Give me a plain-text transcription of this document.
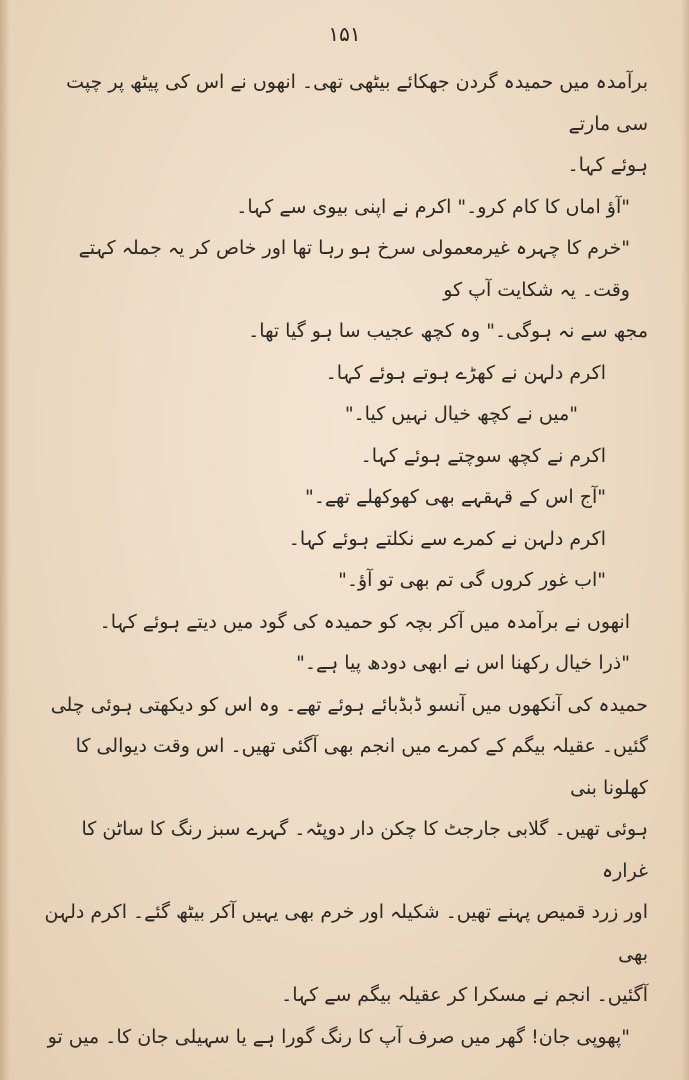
۱۵۱

برآمدہ میں حمیدہ گردن جھکائے بیٹھی تھی۔ انھوں نے اس کی پیٹھ پر چپت سی مارتے

ہوئے کہا۔

"آؤ اماں کا کام کرو۔" اکرم نے اپنی بیوی سے کہا۔

"خرم کا چہرہ غیرمعمولی سرخ ہو رہا تھا اور خاص کر یہ جملہ کہتے وقت۔ یہ شکایت آپ کو

مجھ سے نہ ہوگی۔" وہ کچھ عجیب سا ہو گیا تھا۔

اکرم دلہن نے کھڑے ہوتے ہوئے کہا۔

"میں نے کچھ خیال نہیں کیا۔"

اکرم نے کچھ سوچتے ہوئے کہا۔

"آج اس کے قہقہے بھی کھوکھلے تھے۔"

اکرم دلہن نے کمرے سے نکلتے ہوئے کہا۔

"اب غور کروں گی تم بھی تو آؤ۔"

انھوں نے برآمدہ میں آکر بچہ کو حمیدہ کی گود میں دیتے ہوئے کہا۔

"ذرا خیال رکھنا اس نے ابھی دودھ پیا ہے۔"

حمیدہ کی آنکھوں میں آنسو ڈبڈبائے ہوئے تھے۔ وہ اس کو دیکھتی ہوئی چلی

گئیں۔ عقیلہ بیگم کے کمرے میں انجم بھی آگئی تھیں۔ اس وقت دیوالی کا کھلونا بنی

ہوئی تھیں۔ گلابی جارجٹ کا چکن دار دوپٹہ۔ گہرے سبز رنگ کا ساٹن کا غرارہ

اور زرد قمیص پہنے تھیں۔ شکیلہ اور خرم بھی یہیں آکر بیٹھ گئے۔ اکرم دلہن بھی

آگئیں۔ انجم نے مسکرا کر عقیلہ بیگم سے کہا۔

"پھوپی جان! گھر میں صرف آپ کا رنگ گورا ہے یا سہیلی جان کا۔ میں تو
